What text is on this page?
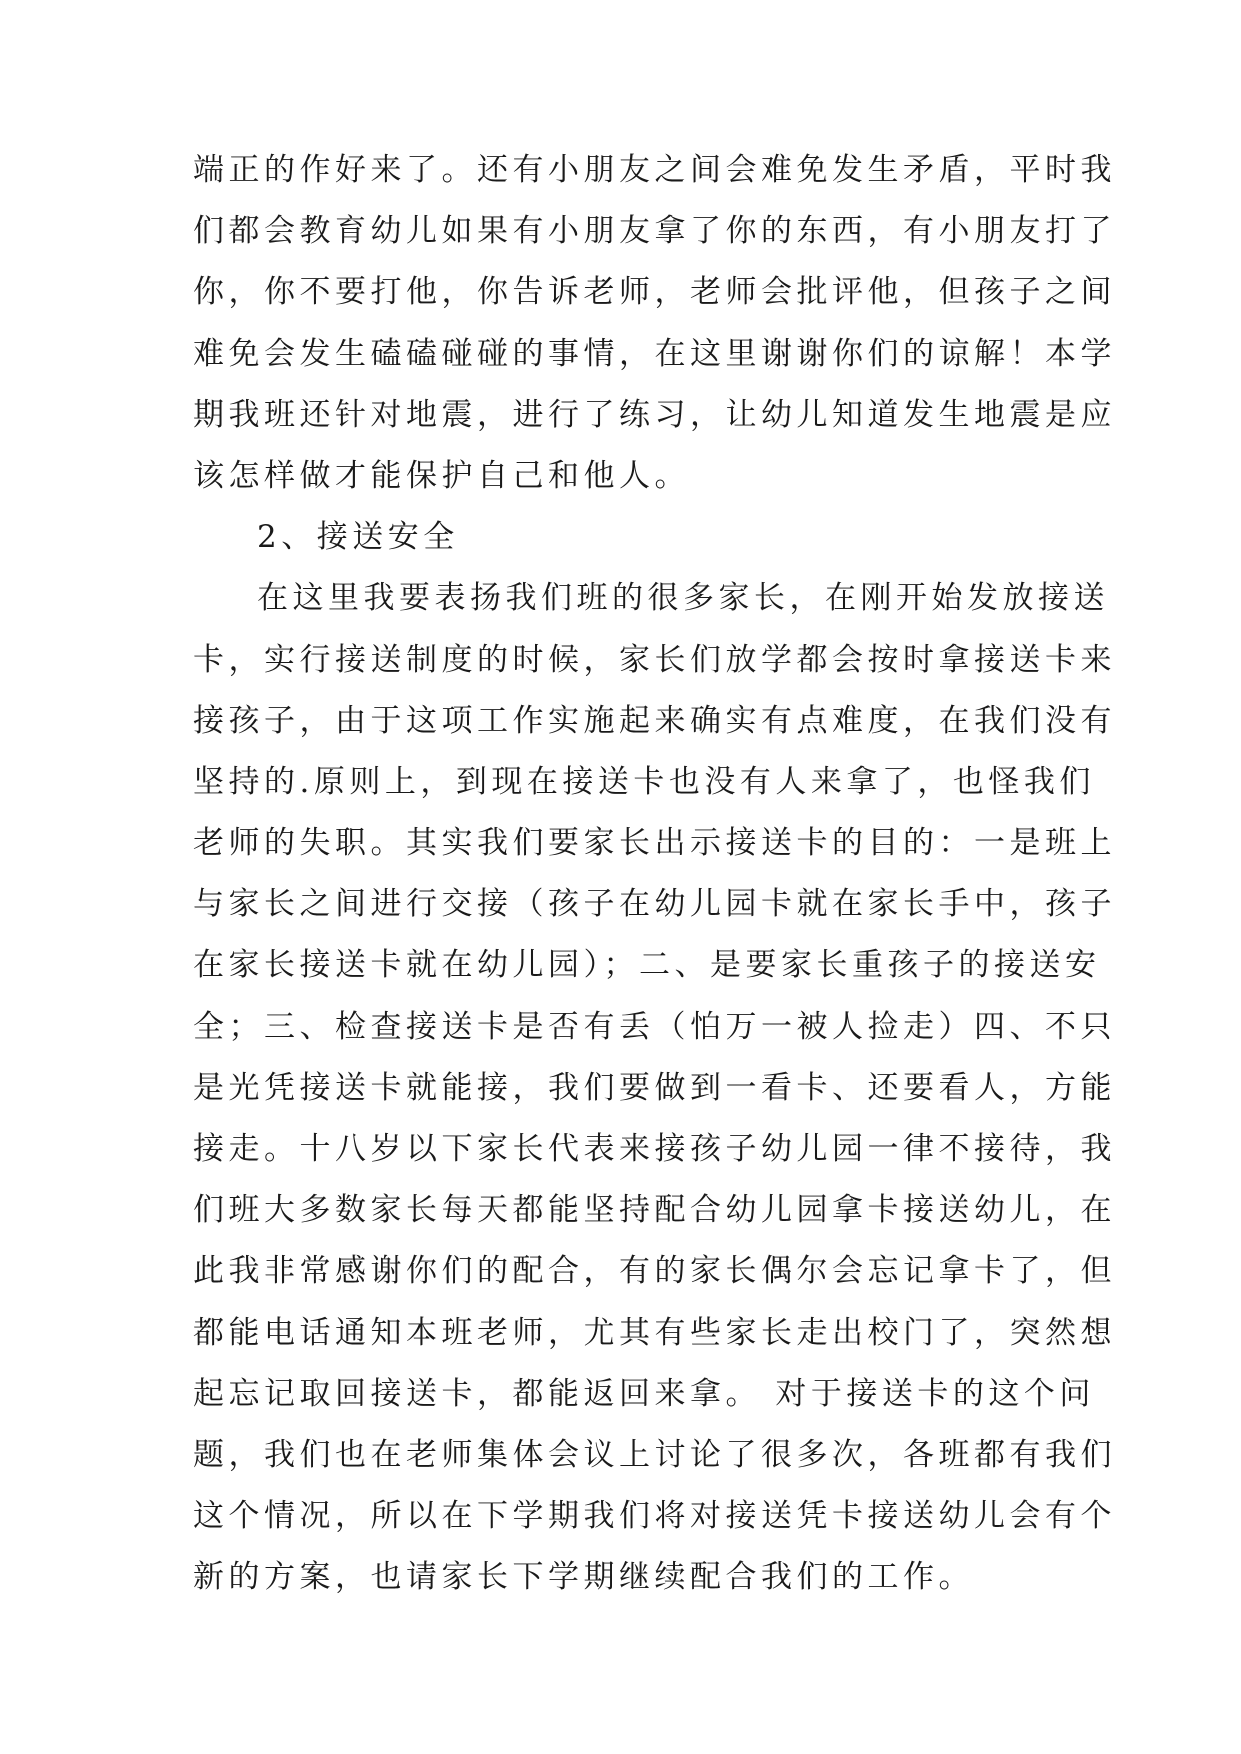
端正的作好来了。还有小朋友之间会难免发生矛盾，平时我
们都会教育幼儿如果有小朋友拿了你的东西，有小朋友打了
你，你不要打他，你告诉老师，老师会批评他，但孩子之间
难免会发生磕磕碰碰的事情，在这里谢谢你们的谅解！本学
期我班还针对地震，进行了练习，让幼儿知道发生地震是应
该怎样做才能保护自己和他人。
2、接送安全
在这里我要表扬我们班的很多家长，在刚开始发放接送
卡，实行接送制度的时候，家长们放学都会按时拿接送卡来
接孩子，由于这项工作实施起来确实有点难度，在我们没有
坚持的.原则上，到现在接送卡也没有人来拿了，也怪我们
老师的失职。其实我们要家长出示接送卡的目的：一是班上
与家长之间进行交接（孩子在幼儿园卡就在家长手中，孩子
在家长接送卡就在幼儿园）；二、是要家长重孩子的接送安
全；三、检查接送卡是否有丢（怕万一被人捡走）四、不只
是光凭接送卡就能接，我们要做到一看卡、还要看人，方能
接走。十八岁以下家长代表来接孩子幼儿园一律不接待，我
们班大多数家长每天都能坚持配合幼儿园拿卡接送幼儿，在
此我非常感谢你们的配合，有的家长偶尔会忘记拿卡了，但
都能电话通知本班老师，尤其有些家长走出校门了，突然想
起忘记取回接送卡，都能返回来拿。 对于接送卡的这个问
题，我们也在老师集体会议上讨论了很多次，各班都有我们
这个情况，所以在下学期我们将对接送凭卡接送幼儿会有个
新的方案，也请家长下学期继续配合我们的工作。
